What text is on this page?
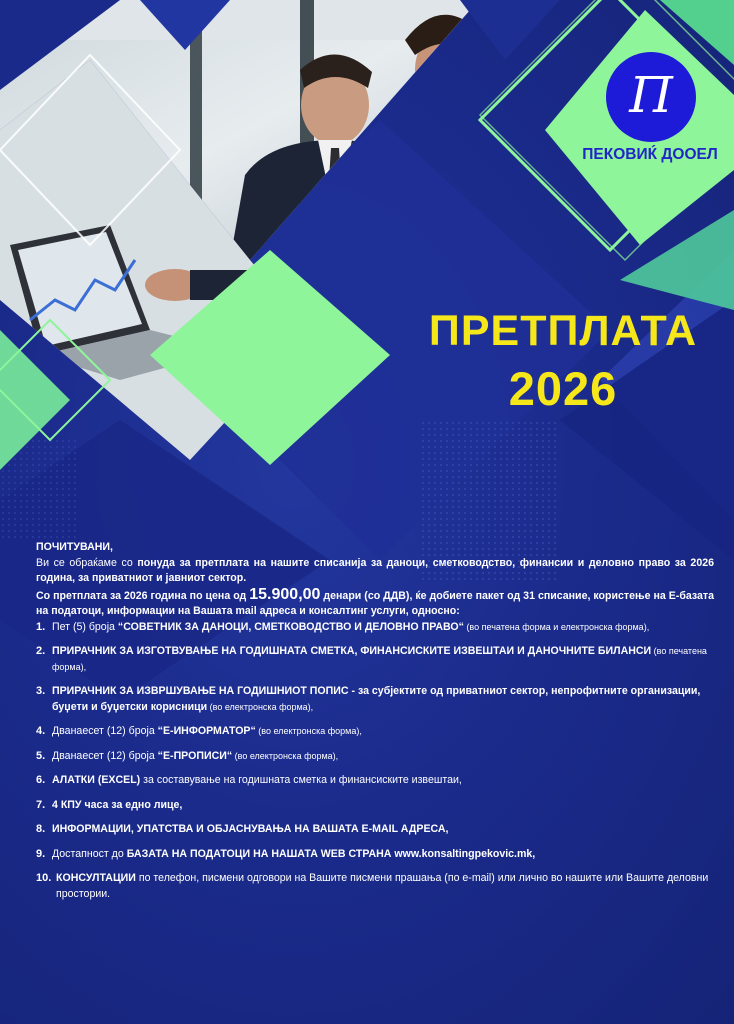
П
ПЕКОВИЌ ДООЕЛ
ПРЕТПЛАТА
2026

ПОЧИТУВАНИ,

Ви се обраќаме со понуда за претплата на нашите списанија за даноци, сметководство, финансии и деловно право за 2026 година, за приватниот и јавниот сектор.

Со претплата за 2026 година по цена од 15.900,00 денари (со ДДВ), ќе добиете пакет од 31 списание, користење на Е-базата на податоци, информации на Вашата mail адреса и консалтинг услуги, односно:

1. Пет (5) броја “СОВЕТНИК ЗА ДАНОЦИ, СМЕТКОВОДСТВО И ДЕЛОВНО ПРАВО“ (во печатена форма и електронска форма),
2. ПРИРАЧНИК ЗА ИЗГОТВУВАЊЕ НА ГОДИШНАТА СМЕТКА, ФИНАНСИСКИТЕ ИЗВЕШТАИ И ДАНОЧНИТЕ БИЛАНСИ (во печатена форма),
3. ПРИРАЧНИК ЗА ИЗВРШУВАЊЕ НА ГОДИШНИОТ ПОПИС - за субјектите од приватниот сектор, непрофитните организации, буџети и буџетски корисници (во електронска форма),
4. Дванаесет (12) броја “Е-ИНФОРМАТОР“ (во електронска форма),
5. Дванаесет (12) броја “Е-ПРОПИСИ“ (во електронска форма),
6. АЛАТКИ (EXCEL) за составување на годишната сметка и финансиските извештаи,
7. 4 КПУ часа за едно лице,
8. ИНФОРМАЦИИ, УПАТСТВА И ОБЈАСНУВАЊА НА ВАШАТА E-MAIL АДРЕСА,
9. Достапност до БАЗАТА НА ПОДАТОЦИ НА НАШАТА WEB СТРАНА www.konsaltingpekovic.mk,
10. КОНСУЛТАЦИИ по телефон, писмени одговори на Вашите писмени прашања (по e-mail) или лично во нашите или Вашите деловни простории.
